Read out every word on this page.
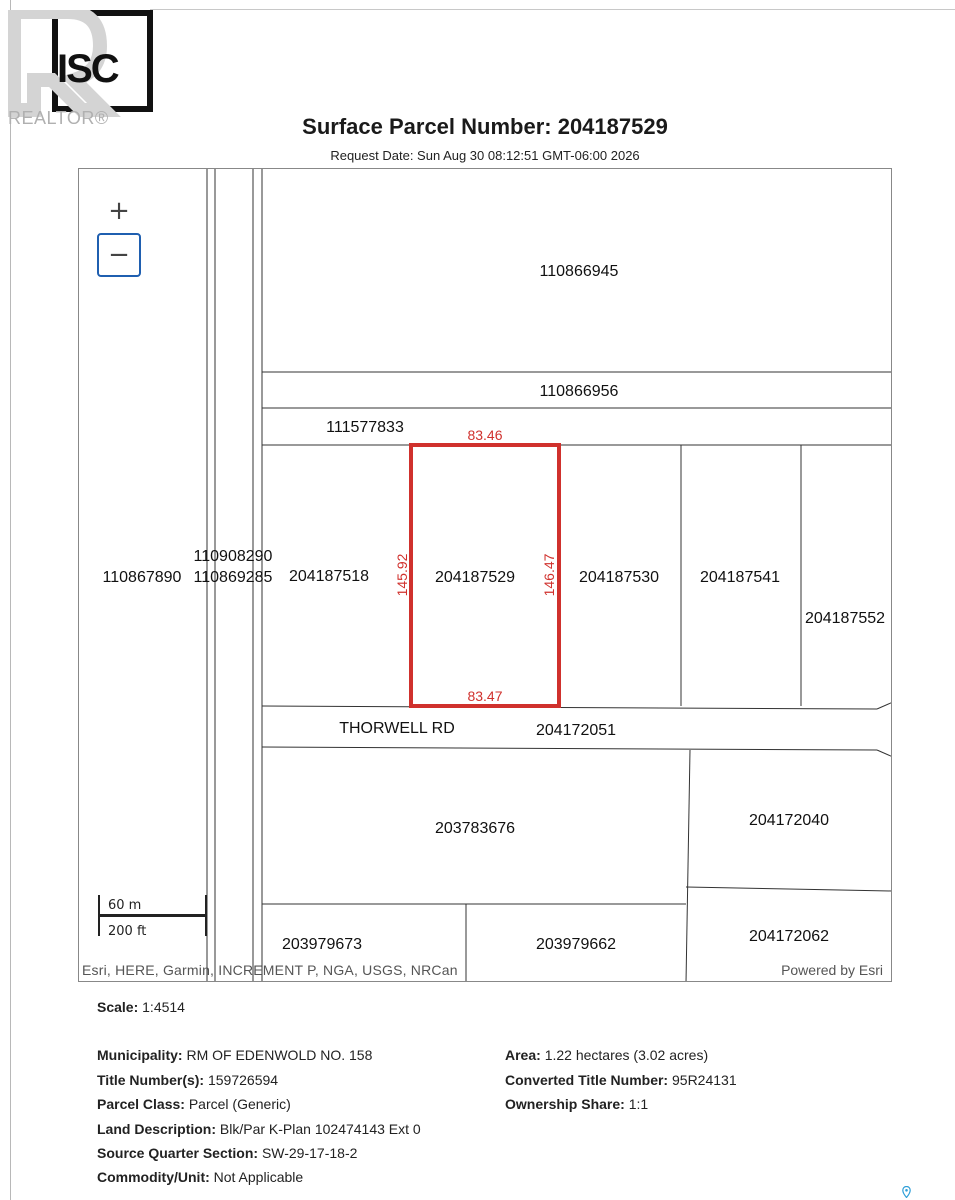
ISC
REALTOR®	Surface Parcel Number: 204187529
Request Date: Sun Aug 30 08:12:51 GMT-06:00 2026
110866945
110866956
111577833
110908290
110867890 110869285 204187518	204187529	204187530	204187541
204187552
THORWELL RD	204172051
203783676	204172040
203979673	203979662	204172062
83.46
83.47
145.92	146.47
60 m
200 ft
+
−
Esri, HERE, Garmin, INCREMENT P, NGA, USGS, NRCan	Powered by Esri
Scale: 1:4514
Municipality: RM OF EDENWOLD NO. 158
Title Number(s): 159726594
Parcel Class: Parcel (Generic)
Land Description: Blk/Par K-Plan 102474143 Ext 0
Source Quarter Section: SW-29-17-18-2
Commodity/Unit: Not Applicable
Area: 1.22 hectares (3.02 acres)
Converted Title Number: 95R24131
Ownership Share: 1:1
